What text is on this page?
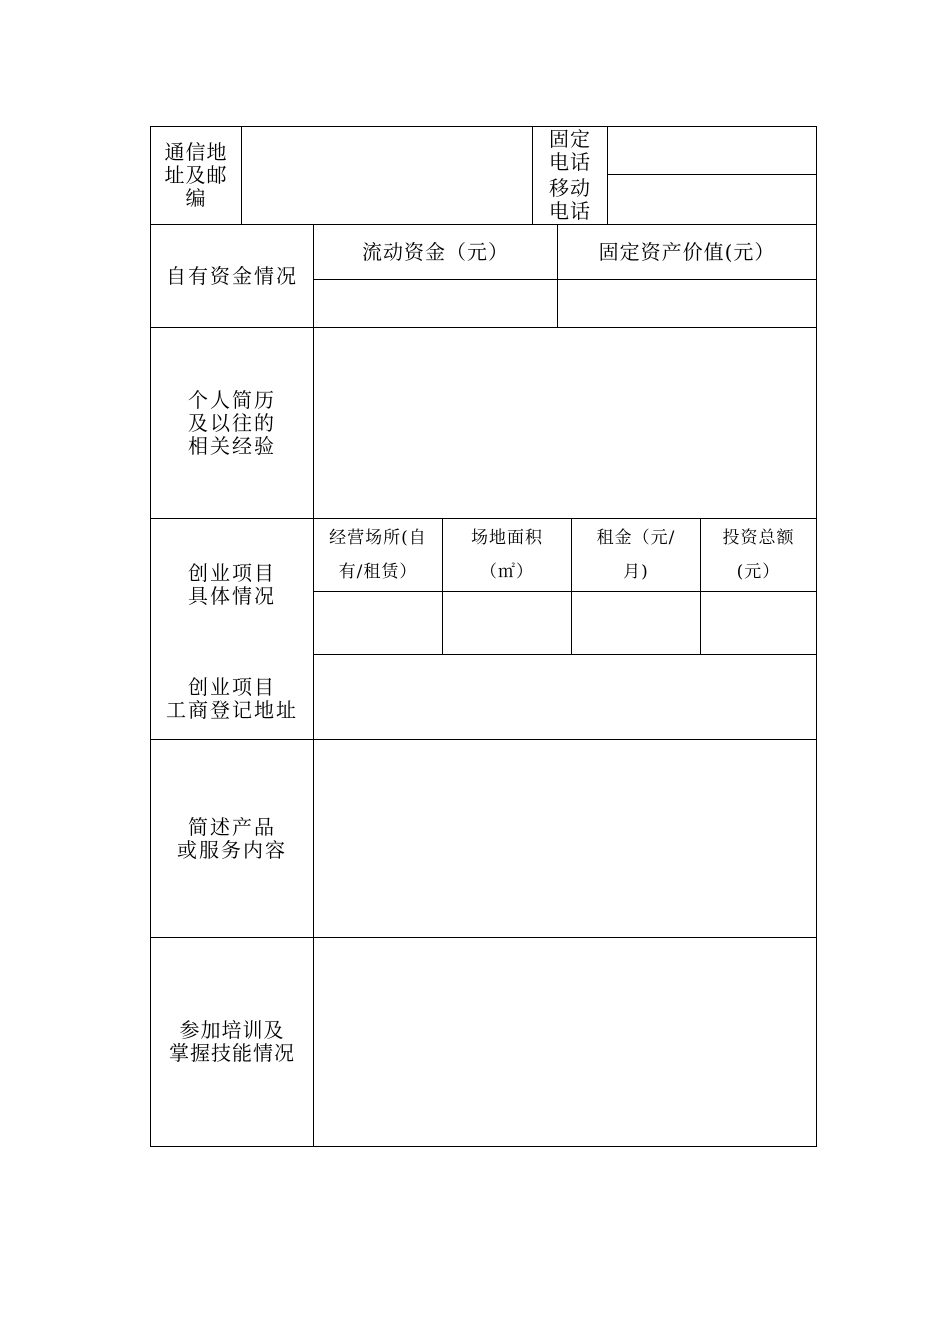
通信地
址及邮
编
固定
电话
移动
电话
自有资金情况
流动资金（元）	固定资产价值(元）
个人简历
及以往的
相关经验
创业项目
具体情况
经营场所(自
有/租赁）
场地面积
（㎡）
租金（元/
月)
投资总额
(元）
创业项目
工商登记地址
简述产品
或服务内容
参加培训及
掌握技能情况
